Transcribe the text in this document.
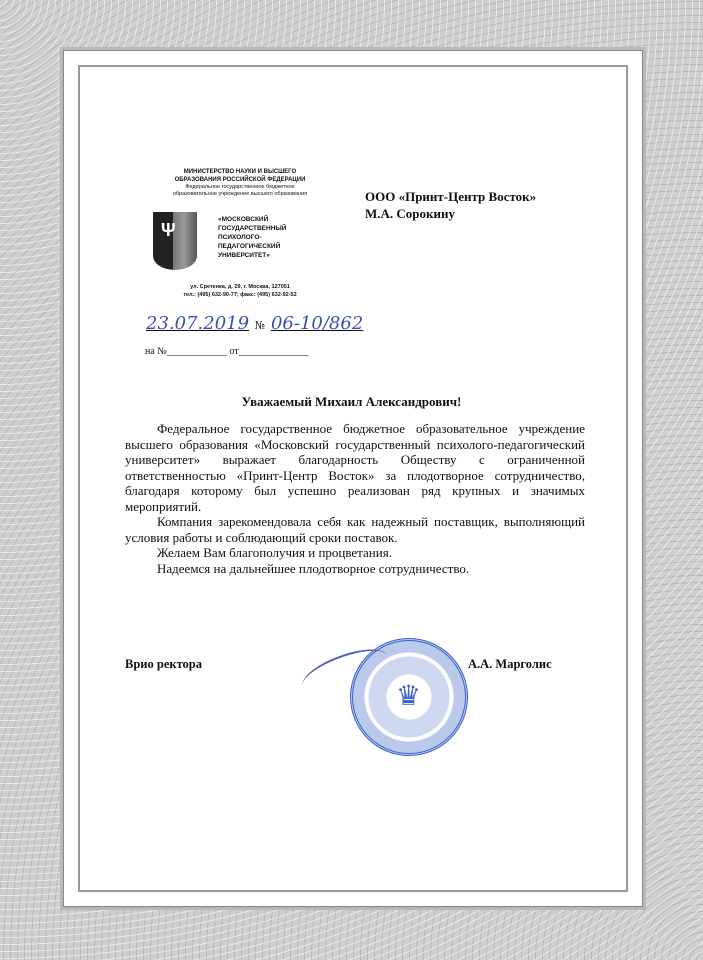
МИНИСТЕРСТВО НАУКИ И ВЫСШЕГО
ОБРАЗОВАНИЯ РОССИЙСКОЙ ФЕДЕРАЦИИ
Федеральное государственное бюджетное
образовательное учреждение высшего образования
Ψ
«МОСКОВСКИЙ
ГОСУДАРСТВЕННЫЙ
ПСИХОЛОГО-
ПЕДАГОГИЧЕСКИЙ
УНИВЕРСИТЕТ»
ул. Сретенка, д. 29, г. Москва, 127051
тел.: (495) 632-90-77; факс: (495) 632-92-52
23.07.2019 № 06-10/862
на №____________ от______________
ООО «Принт-Центр Восток»
М.А. Сорокину
Уважаемый Михаил Александрович!

Федеральное государственное бюджетное образовательное учреждение высшего образования «Московский государственный психолого-педагогический университет» выражает благодарность Обществу с ограниченной ответственностью «Принт-Центр Восток» за плодотворное сотрудничество, благодаря которому был успешно реализован ряд крупных и значимых мероприятий.

Компания зарекомендовала себя как надежный поставщик, выполняющий условия работы и соблюдающий сроки поставок.

Желаем Вам благополучия и процветания.

Надеемся на дальнейшее плодотворное сотрудничество.

♛
Врио ректора	А.А. Марголис
